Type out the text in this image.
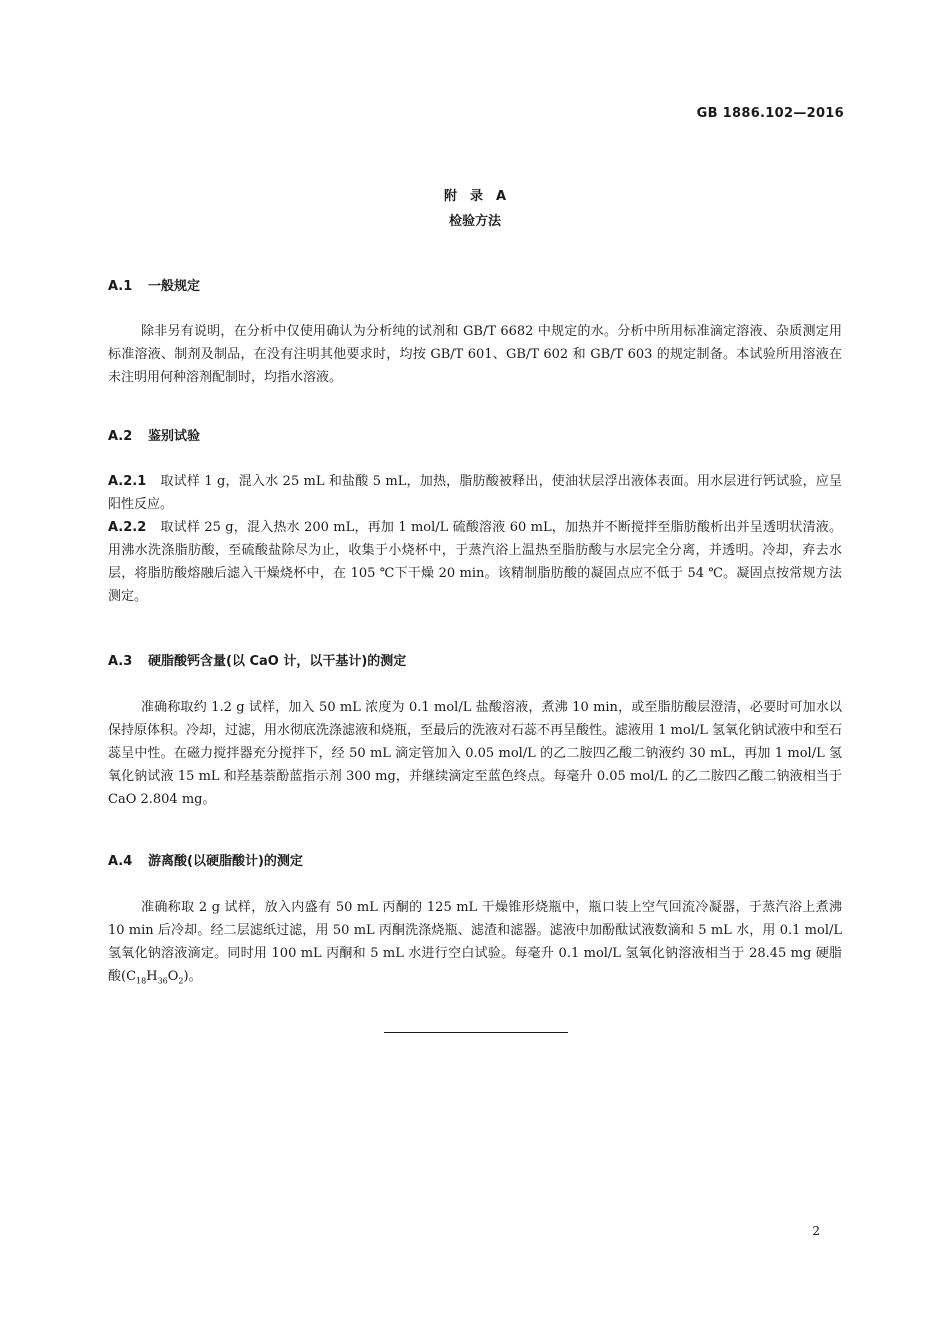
GB 1886.102—2016
附　录　A
检验方法
A.1 一般规定
除非另有说明，在分析中仅使用确认为分析纯的试剂和 GB/T 6682 中规定的水。分析中所用标准滴定溶液、杂质测定用标准溶液、制剂及制品，在没有注明其他要求时，均按 GB/T 601、GB/T 602 和 GB/T 603 的规定制备。本试验所用溶液在未注明用何种溶剂配制时，均指水溶液。
A.2 鉴别试验
A.2.1 取试样 1 g，混入水 25 mL 和盐酸 5 mL，加热，脂肪酸被释出，使油状层浮出液体表面。用水层进行钙试验，应呈阳性反应。
A.2.2 取试样 25 g，混入热水 200 mL，再加 1 mol/L 硫酸溶液 60 mL，加热并不断搅拌至脂肪酸析出并呈透明状清液。用沸水洗涤脂肪酸，至硫酸盐除尽为止，收集于小烧杯中，于蒸汽浴上温热至脂肪酸与水层完全分离，并透明。冷却，弃去水层，将脂肪酸熔融后滤入干燥烧杯中，在 105 ℃下干燥 20 min。该精制脂肪酸的凝固点应不低于 54 ℃。凝固点按常规方法测定。
A.3 硬脂酸钙含量(以 CaO 计，以干基计)的测定
准确称取约 1.2 g 试样，加入 50 mL 浓度为 0.1 mol/L 盐酸溶液，煮沸 10 min，或至脂肪酸层澄清，必要时可加水以保持原体积。冷却，过滤，用水彻底洗涤滤液和烧瓶，至最后的洗液对石蕊不再呈酸性。滤液用 1 mol/L 氢氧化钠试液中和至石蕊呈中性。在磁力搅拌器充分搅拌下，经 50 mL 滴定管加入 0.05 mol/L 的乙二胺四乙酸二钠液约 30 mL，再加 1 mol/L 氢氧化钠试液 15 mL 和羟基萘酚蓝指示剂 300 mg，并继续滴定至蓝色终点。每毫升 0.05 mol/L 的乙二胺四乙酸二钠液相当于 CaO 2.804 mg。
A.4 游离酸(以硬脂酸计)的测定
准确称取 2 g 试样，放入内盛有 50 mL 丙酮的 125 mL 干燥锥形烧瓶中，瓶口装上空气回流冷凝器，于蒸汽浴上煮沸 10 min 后冷却。经二层滤纸过滤，用 50 mL 丙酮洗涤烧瓶、滤渣和滤器。滤液中加酚酞试液数滴和 5 mL 水，用 0.1 mol/L 氢氧化钠溶液滴定。同时用 100 mL 丙酮和 5 mL 水进行空白试验。每毫升 0.1 mol/L 氢氧化钠溶液相当于 28.45 mg 硬脂酸$(C_{18}H_{36}O_2)$。
2
